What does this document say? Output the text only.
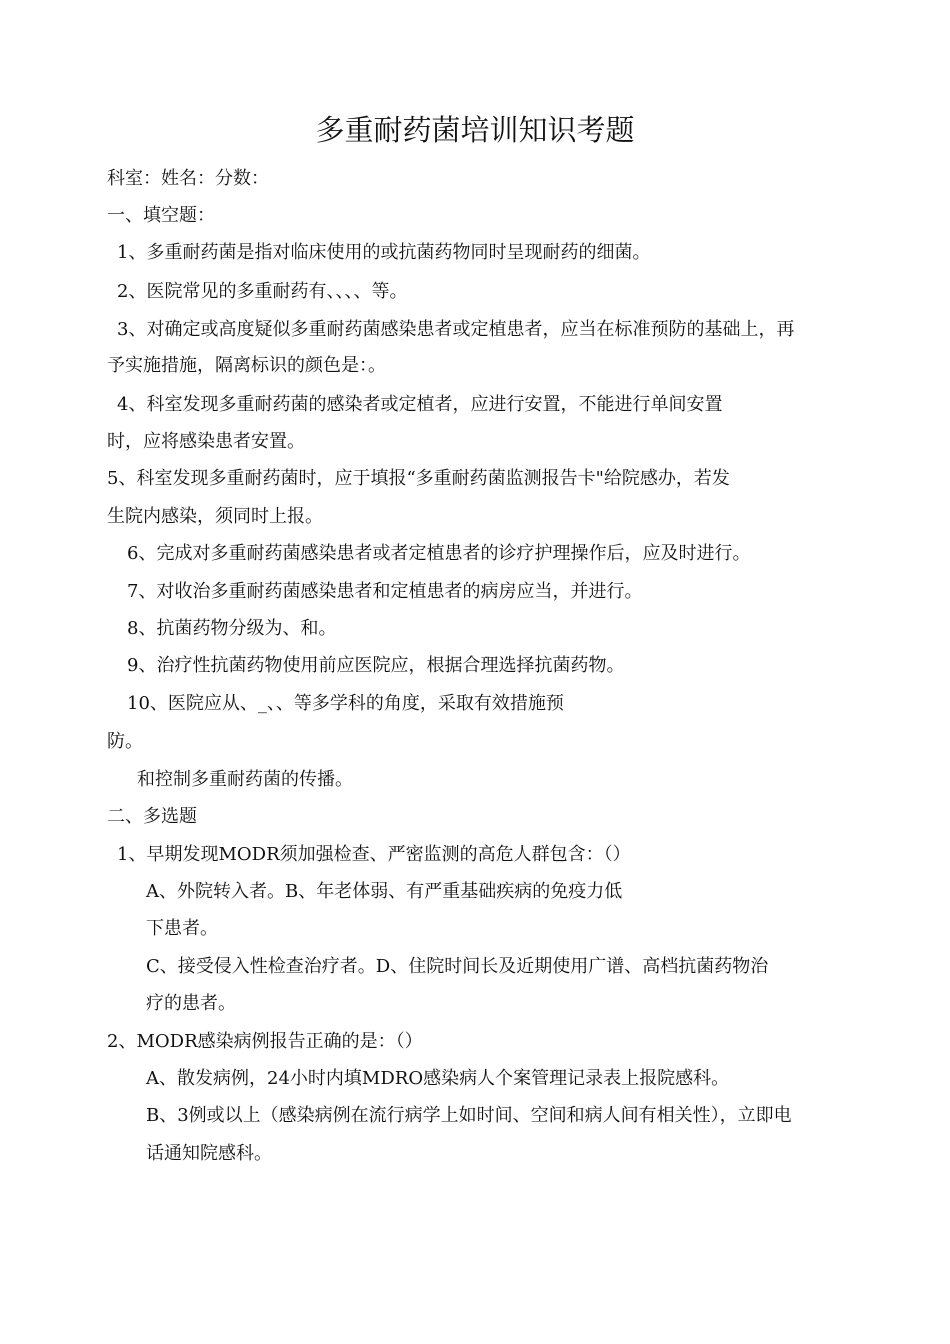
多重耐药菌培训知识考题

科室：姓名：分数：

一、填空题：

1、多重耐药菌是指对临床使用的或抗菌药物同时呈现耐药的细菌。

2、医院常见的多重耐药有、、、、等。

3、对确定或高度疑似多重耐药菌感染患者或定植患者，应当在标准预防的基础上，再

予实施措施，隔离标识的颜色是：。

4、科室发现多重耐药菌的感染者或定植者，应进行安置，不能进行单间安置

时，应将感染患者安置。

5、科室发现多重耐药菌时，应于填报“多重耐药菌监测报告卡"给院感办，若发

生院内感染，须同时上报。

6、完成对多重耐药菌感染患者或者定植患者的诊疗护理操作后，应及时进行。

7、对收治多重耐药菌感染患者和定植患者的病房应当，并进行。

8、抗菌药物分级为、和。

9、治疗性抗菌药物使用前应医院应，根据合理选择抗菌药物。

10、医院应从、_、、等多学科的角度，采取有效措施预

防。

和控制多重耐药菌的传播。

二、多选题

1、早期发现MODR须加强检查、严密监测的高危人群包含：（）

A、外院转入者。B、年老体弱、有严重基础疾病的免疫力低

下患者。

C、接受侵入性检查治疗者。D、住院时间长及近期使用广谱、高档抗菌药物治

疗的患者。

2、MODR感染病例报告正确的是：（）

A、散发病例，24小时内填MDRO感染病人个案管理记录表上报院感科。

B、3例或以上（感染病例在流行病学上如时间、空间和病人间有相关性），立即电

话通知院感科。
